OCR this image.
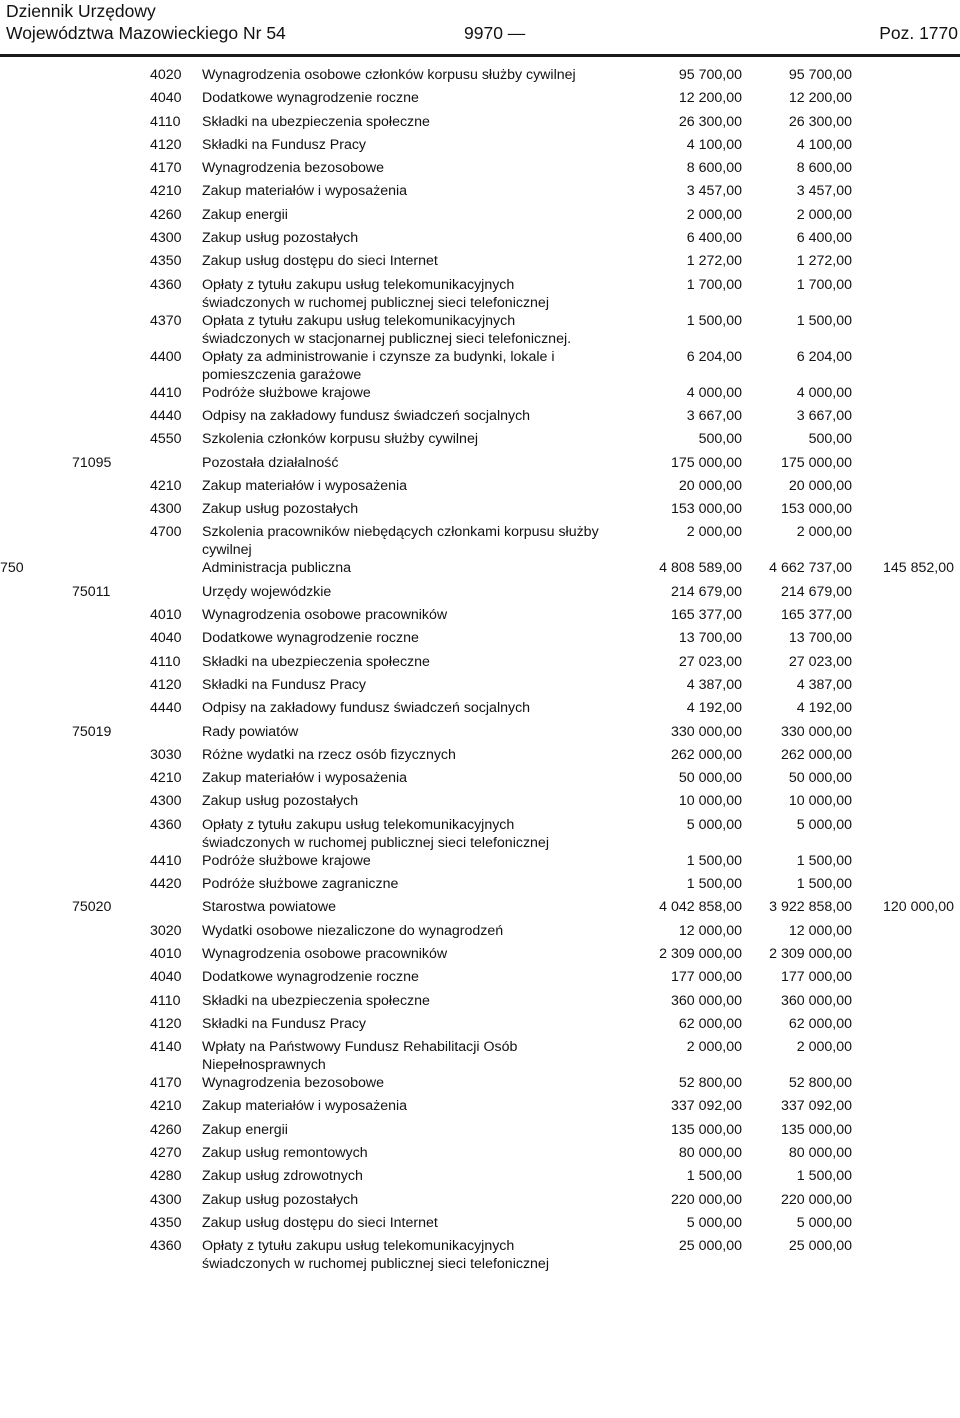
Dziennik Urzędowy
Województwa Mazowieckiego Nr 54	9970 —	Poz. 1770
		4020	Wynagrodzenia osobowe członków korpusu służby cywilnej	95 700,00	95 700,00	
		4040	Dodatkowe wynagrodzenie roczne	12 200,00	12 200,00	
		4110	Składki na ubezpieczenia społeczne	26 300,00	26 300,00	
		4120	Składki na Fundusz Pracy	4 100,00	4 100,00	
		4170	Wynagrodzenia bezosobowe	8 600,00	8 600,00	
		4210	Zakup materiałów i wyposażenia	3 457,00	3 457,00	
		4260	Zakup energii	2 000,00	2 000,00	
		4300	Zakup usług pozostałych	6 400,00	6 400,00	
		4350	Zakup usług dostępu do sieci Internet	1 272,00	1 272,00	
		4360	Opłaty z tytułu zakupu usług telekomunikacyjnych świadczonych w ruchomej publicznej sieci telefonicznej	1 700,00	1 700,00	
		4370	Opłata z tytułu zakupu usług telekomunikacyjnych świadczonych w stacjonarnej publicznej sieci telefonicznej.	1 500,00	1 500,00	
		4400	Opłaty za administrowanie i czynsze za budynki, lokale i pomieszczenia garażowe	6 204,00	6 204,00	
		4410	Podróże służbowe krajowe	4 000,00	4 000,00	
		4440	Odpisy na zakładowy fundusz świadczeń socjalnych	3 667,00	3 667,00	
		4550	Szkolenia członków korpusu służby cywilnej	500,00	500,00	
	71095		Pozostała działalność	175 000,00	175 000,00	
		4210	Zakup materiałów i wyposażenia	20 000,00	20 000,00	
		4300	Zakup usług pozostałych	153 000,00	153 000,00	
		4700	Szkolenia pracowników niebędących członkami korpusu służby cywilnej	2 000,00	2 000,00	
750			Administracja publiczna	4 808 589,00	4 662 737,00	145 852,00
	75011		Urzędy wojewódzkie	214 679,00	214 679,00	
		4010	Wynagrodzenia osobowe pracowników	165 377,00	165 377,00	
		4040	Dodatkowe wynagrodzenie roczne	13 700,00	13 700,00	
		4110	Składki na ubezpieczenia społeczne	27 023,00	27 023,00	
		4120	Składki na Fundusz Pracy	4 387,00	4 387,00	
		4440	Odpisy na zakładowy fundusz świadczeń socjalnych	4 192,00	4 192,00	
	75019		Rady powiatów	330 000,00	330 000,00	
		3030	Różne wydatki na rzecz osób fizycznych	262 000,00	262 000,00	
		4210	Zakup materiałów i wyposażenia	50 000,00	50 000,00	
		4300	Zakup usług pozostałych	10 000,00	10 000,00	
		4360	Opłaty z tytułu zakupu usług telekomunikacyjnych świadczonych w ruchomej publicznej sieci telefonicznej	5 000,00	5 000,00	
		4410	Podróże służbowe krajowe	1 500,00	1 500,00	
		4420	Podróże służbowe zagraniczne	1 500,00	1 500,00	
	75020		Starostwa powiatowe	4 042 858,00	3 922 858,00	120 000,00
		3020	Wydatki osobowe niezaliczone do wynagrodzeń	12 000,00	12 000,00	
		4010	Wynagrodzenia osobowe pracowników	2 309 000,00	2 309 000,00	
		4040	Dodatkowe wynagrodzenie roczne	177 000,00	177 000,00	
		4110	Składki na ubezpieczenia społeczne	360 000,00	360 000,00	
		4120	Składki na Fundusz Pracy	62 000,00	62 000,00	
		4140	Wpłaty na Państwowy Fundusz Rehabilitacji Osób Niepełnosprawnych	2 000,00	2 000,00	
		4170	Wynagrodzenia bezosobowe	52 800,00	52 800,00	
		4210	Zakup materiałów i wyposażenia	337 092,00	337 092,00	
		4260	Zakup energii	135 000,00	135 000,00	
		4270	Zakup usług remontowych	80 000,00	80 000,00	
		4280	Zakup usług zdrowotnych	1 500,00	1 500,00	
		4300	Zakup usług pozostałych	220 000,00	220 000,00	
		4350	Zakup usług dostępu do sieci Internet	5 000,00	5 000,00	
		4360	Opłaty z tytułu zakupu usług telekomunikacyjnych świadczonych w ruchomej publicznej sieci telefonicznej	25 000,00	25 000,00	
